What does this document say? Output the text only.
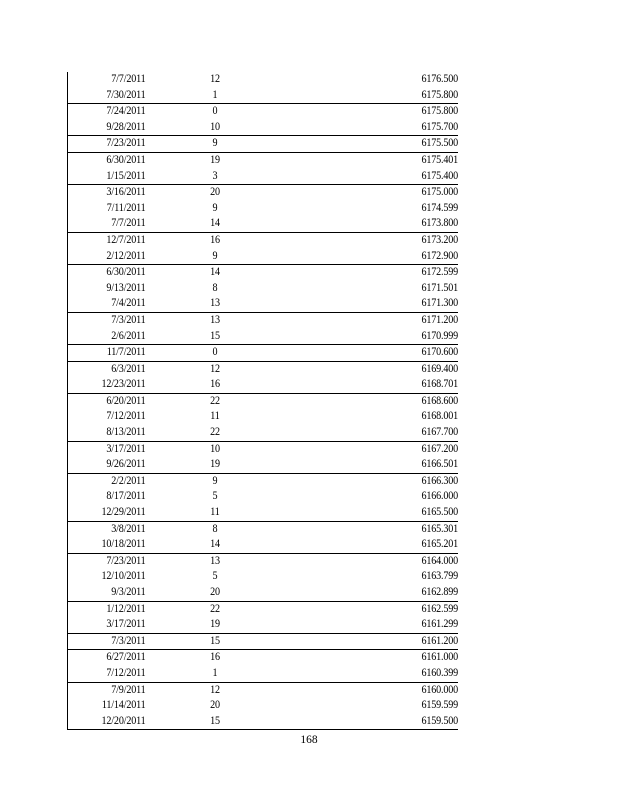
7/7/2011	12	6176.500
7/30/2011	1	6175.800
7/24/2011	0	6175.800
9/28/2011	10	6175.700
7/23/2011	9	6175.500
6/30/2011	19	6175.401
1/15/2011	3	6175.400
3/16/2011	20	6175.000
7/11/2011	9	6174.599
7/7/2011	14	6173.800
12/7/2011	16	6173.200
2/12/2011	9	6172.900
6/30/2011	14	6172.599
9/13/2011	8	6171.501
7/4/2011	13	6171.300
7/3/2011	13	6171.200
2/6/2011	15	6170.999
11/7/2011	0	6170.600
6/3/2011	12	6169.400
12/23/2011	16	6168.701
6/20/2011	22	6168.600
7/12/2011	11	6168.001
8/13/2011	22	6167.700
3/17/2011	10	6167.200
9/26/2011	19	6166.501
2/2/2011	9	6166.300
8/17/2011	5	6166.000
12/29/2011	11	6165.500
3/8/2011	8	6165.301
10/18/2011	14	6165.201
7/23/2011	13	6164.000
12/10/2011	5	6163.799
9/3/2011	20	6162.899
1/12/2011	22	6162.599
3/17/2011	19	6161.299
7/3/2011	15	6161.200
6/27/2011	16	6161.000
7/12/2011	1	6160.399
7/9/2011	12	6160.000
11/14/2011	20	6159.599
12/20/2011	15	6159.500
168
